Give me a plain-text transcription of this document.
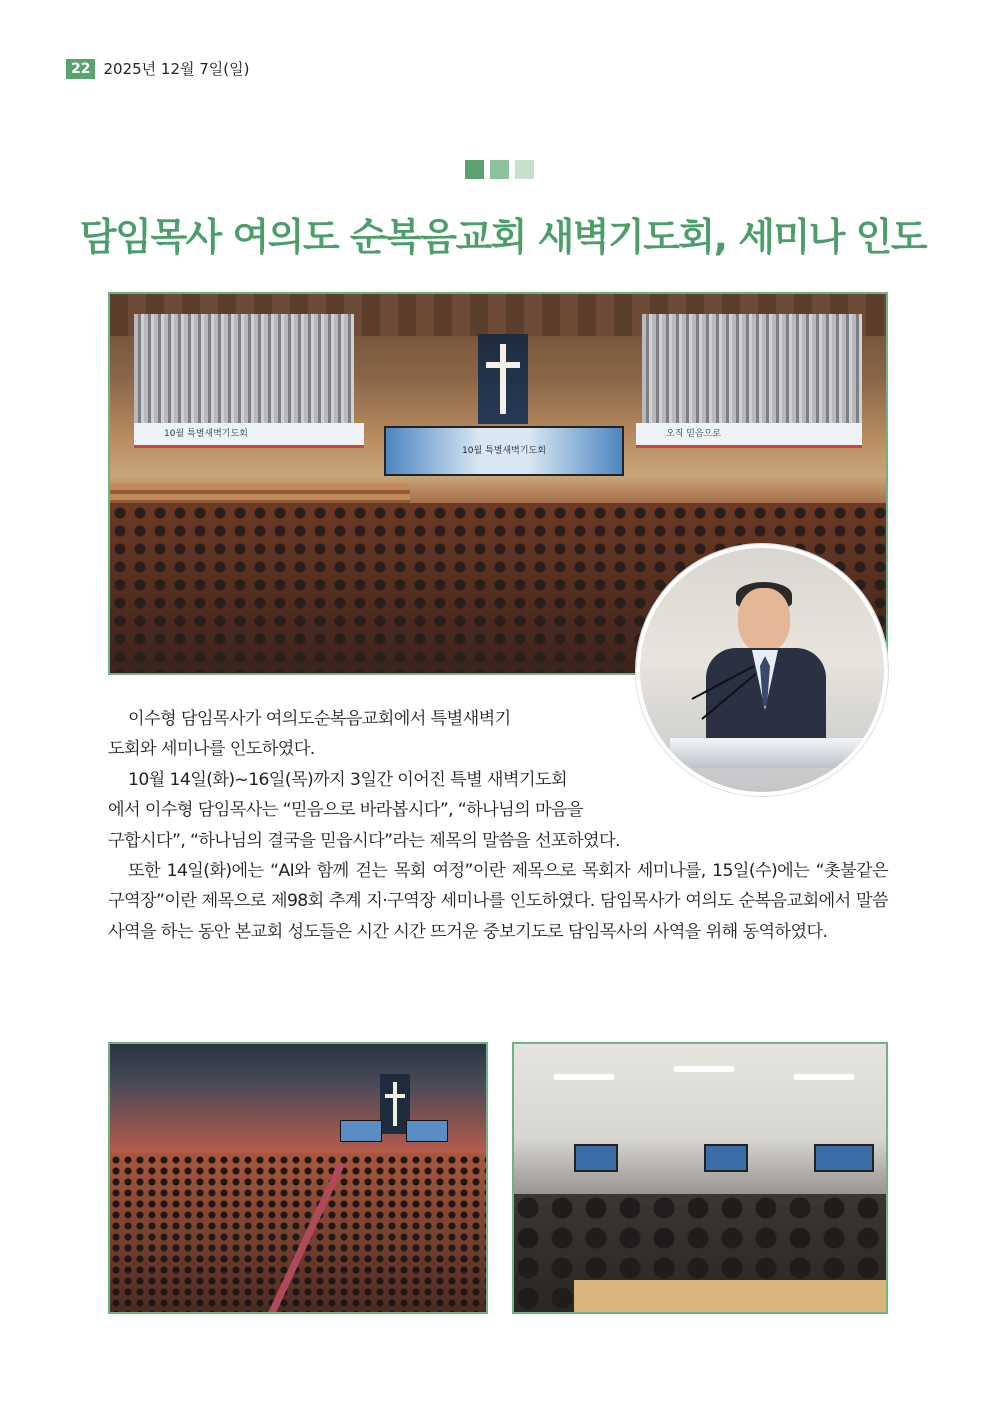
22 2025년 12월 7일(일)
담임목사 여의도 순복음교회 새벽기도회, 세미나 인도
10월 특별새벽기도회	오직 믿음으로
10월 특별새벽기도회

이수형 담임목사가 여의도순복음교회에서 특별새벽기

도회와 세미나를 인도하였다.

10월 14일(화)~16일(목)까지 3일간 이어진 특별 새벽기도회

에서 이수형 담임목사는 “믿음으로 바라봅시다”, “하나님의 마음을
구합시다”, “하나님의 결국을 믿읍시다”라는 제목의 말씀을 선포하였다.

또한 14일(화)에는 “AI와 함께 걷는 목회 여정”이란 제목으로 목회자 세미나를, 15일(수)에는 “촛불같은 구역장”이란 제목으로 제98회 추계 지·구역장 세미나를 인도하였다. 담임목사가 여의도 순복음교회에서 말씀 사역을 하는 동안 본교회 성도들은 시간 시간 뜨거운 중보기도로 담임목사의 사역을 위해 동역하였다.
